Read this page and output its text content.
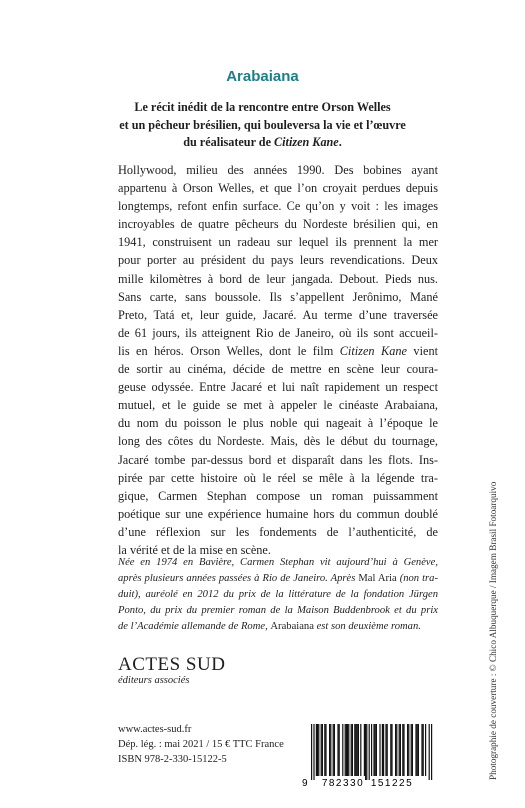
Arabaiana
Le récit inédit de la rencontre entre Orson Welles
et un pêcheur brésilien, qui bouleversa la vie et l’œuvre
du réalisateur de Citizen Kane.
Hollywood, milieu des années 1990. Des bobines ayant
appartenu à Orson Welles, et que l’on croyait perdues depuis
longtemps, refont enfin surface. Ce qu’on y voit : les images
incroyables de quatre pêcheurs du Nordeste brésilien qui, en
1941, construisent un radeau sur lequel ils prennent la mer
pour porter au président du pays leurs revendications. Deux
mille kilomètres à bord de leur jangada. Debout. Pieds nus.
Sans carte, sans boussole. Ils s’appellent Jerônimo, Mané
Preto, Tatá et, leur guide, Jacaré. Au terme d’une traversée
de 61 jours, ils atteignent Rio de Janeiro, où ils sont accueil-
lis en héros. Orson Welles, dont le film Citizen Kane vient
de sortir au cinéma, décide de mettre en scène leur coura-
geuse odyssée. Entre Jacaré et lui naît rapidement un respect
mutuel, et le guide se met à appeler le cinéaste Arabaiana,
du nom du poisson le plus noble qui nageait à l’époque le
long des côtes du Nordeste. Mais, dès le début du tournage,
Jacaré tombe par-dessus bord et disparaît dans les flots. Ins-
pirée par cette histoire où le réel se mêle à la légende tra-
gique, Carmen Stephan compose un roman puissamment
poétique sur une expérience humaine hors du commun doublé
d’une réflexion sur les fondements de l’authenticité, de
la vérité et de la mise en scène.
Née en 1974 en Bavière, Carmen Stephan vit aujourd’hui à Genève,
après plusieurs années passées à Rio de Janeiro. Après Mal Aria (non tra-
duit), auréolé en 2012 du prix de la littérature de la fondation Jürgen
Ponto, du prix du premier roman de la Maison Buddenbrook et du prix
de l’Académie allemande de Rome, Arabaiana est son deuxième roman.
ACTES SUD
éditeurs associés
www.actes-sud.fr
Dép. lég. : mai 2021 / 15 € TTC France
ISBN 978-2-330-15122-5
9 782330 151225
Photographie de couverture : © Chico Albuquerque / Imagem Brasil Fotoarquivo
